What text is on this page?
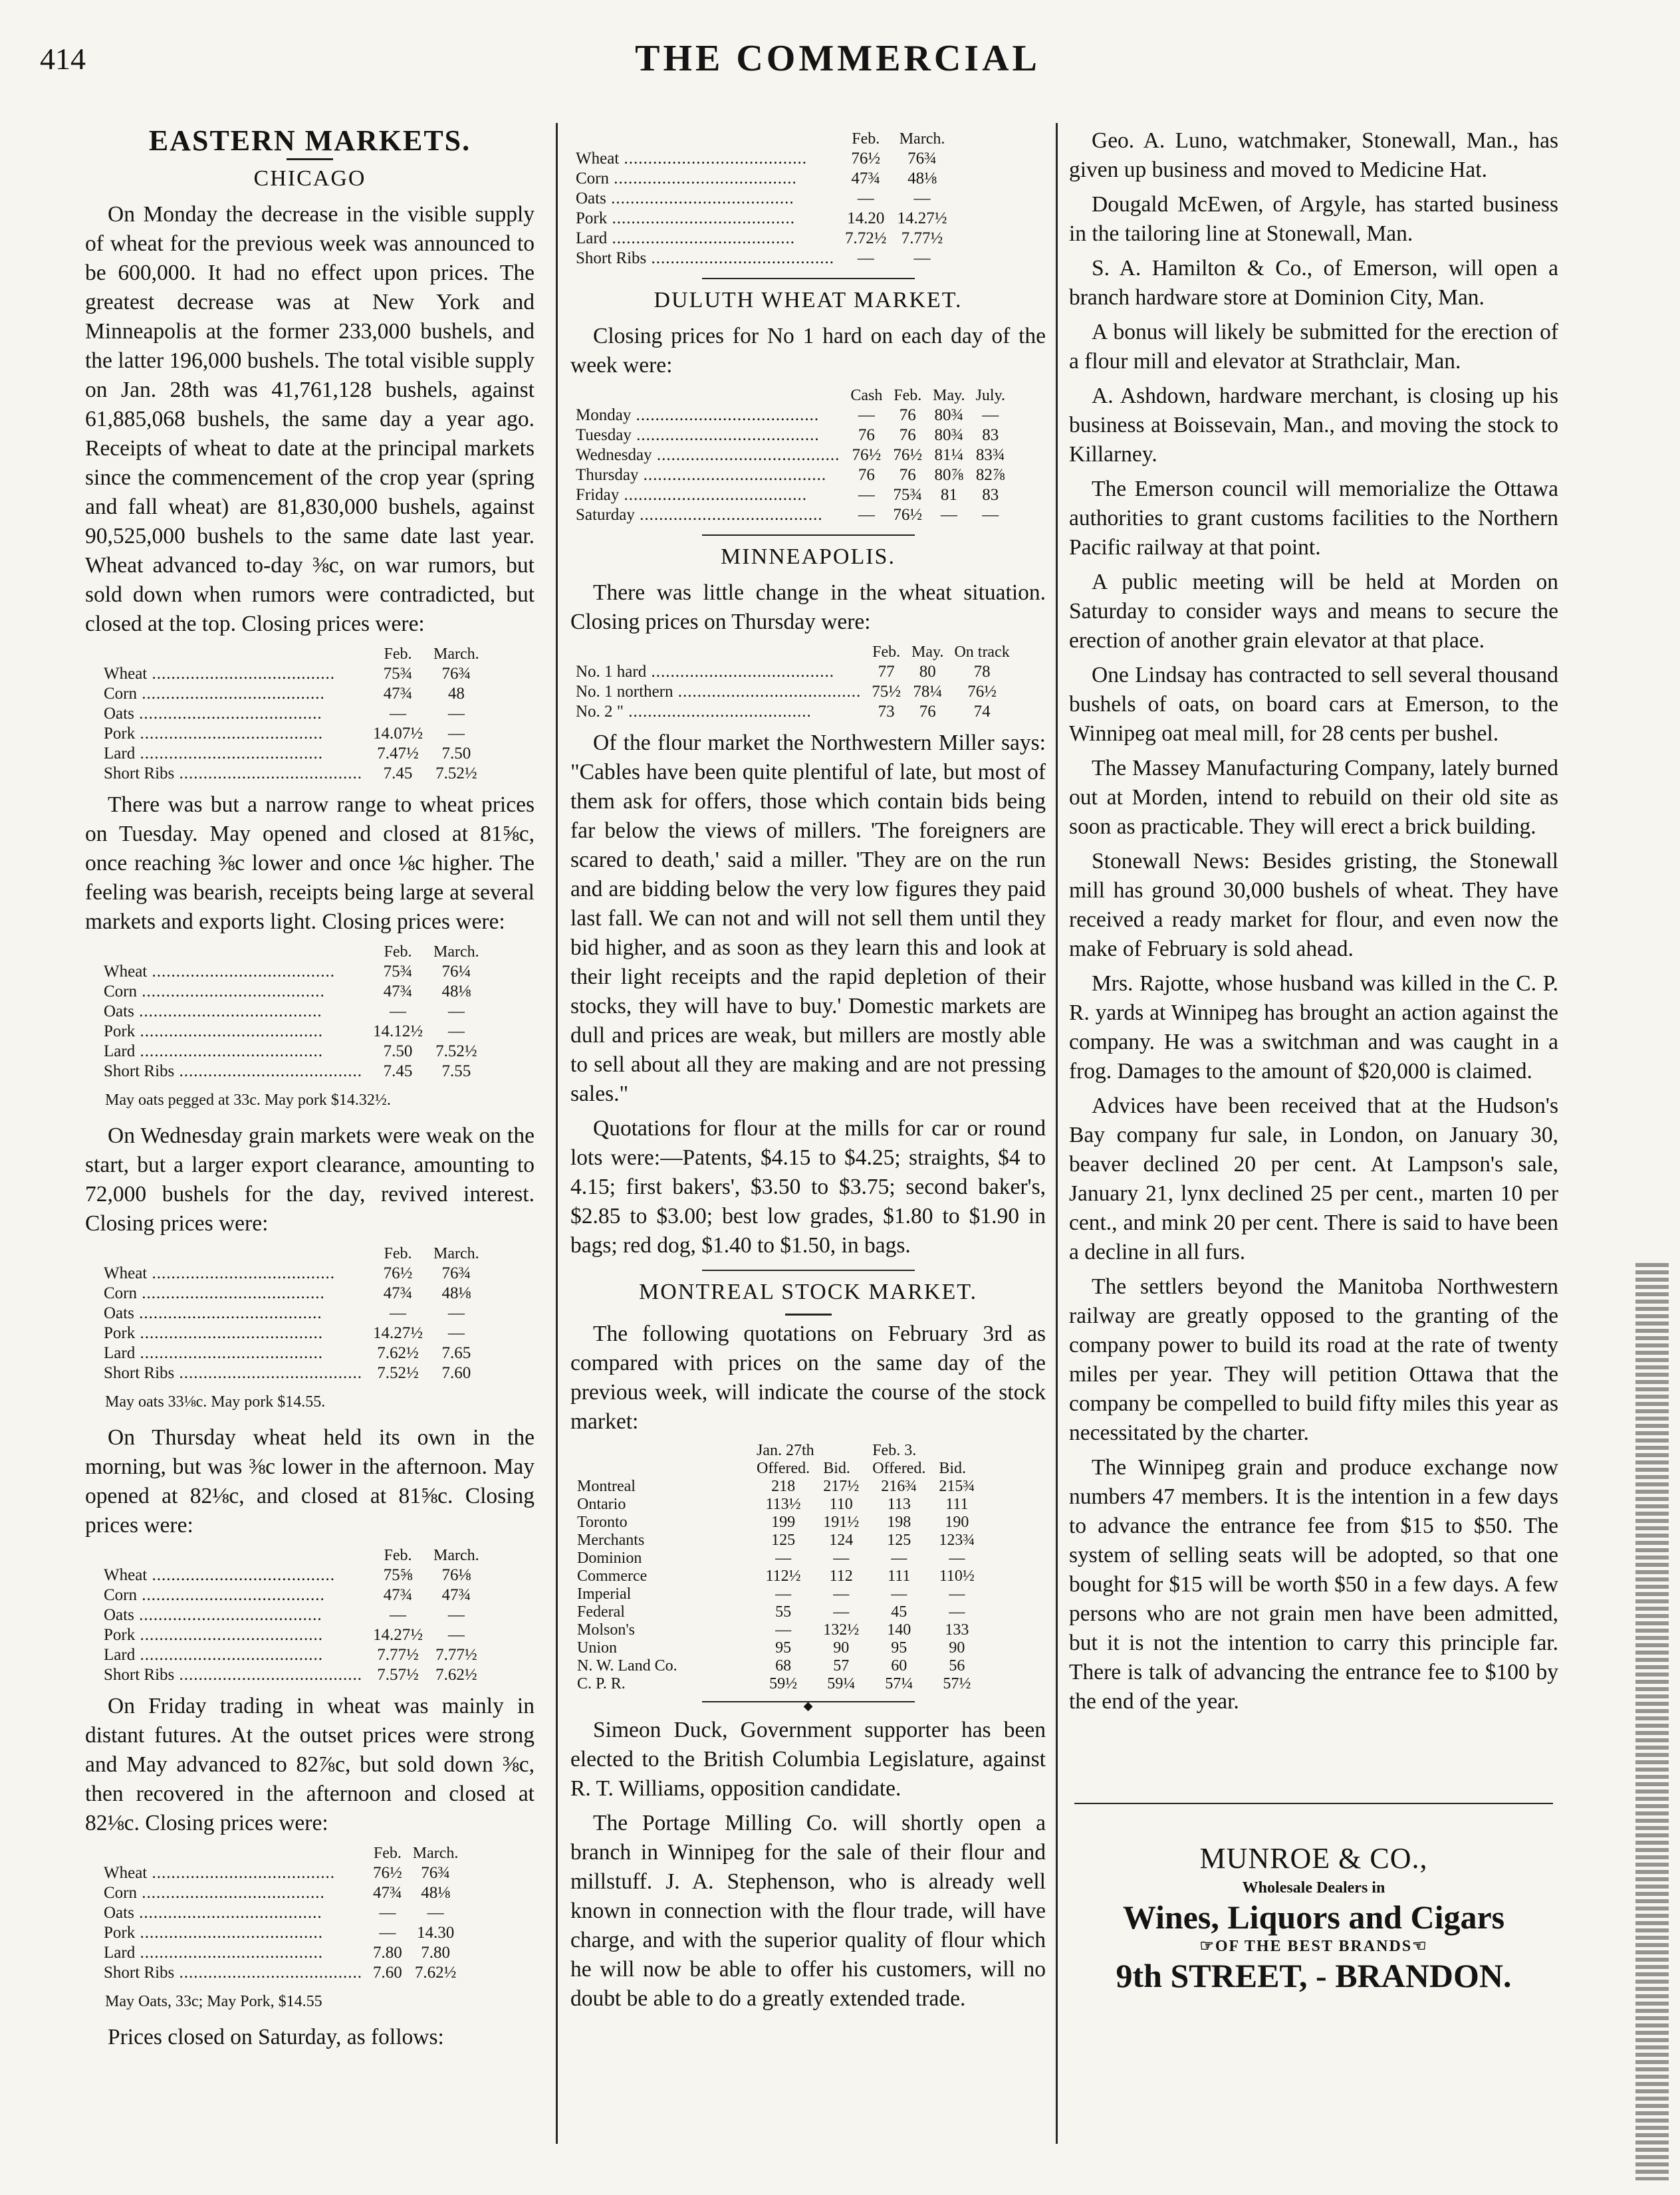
414	THE COMMERCIAL
EASTERN MARKETS.
CHICAGO

On Monday the decrease in the visible supply of wheat for the previous week was announced to be 600,000. It had no effect upon prices. The greatest decrease was at New York and Minneapolis at the former 233,000 bushels, and the latter 196,000 bushels. The total visible supply on Jan. 28th was 41,761,128 bushels, against 61,885,068 bushels, the same day a year ago. Receipts of wheat to date at the principal markets since the commencement of the crop year (spring and fall wheat) are 81,830,000 bushels, against 90,525,000 bushels to the same date last year. Wheat advanced to-day ⅜c, on war rumors, but sold down when rumors were contradicted, but closed at the top. Closing prices were:

	Feb.	March.
Wheat .....	75¾	76¾
Corn .....	47¾	48
Oats .....	—	—
Pork .....	14.07½	—
Lard .....	7.47½	7.50
Short Ribs .....	7.45	7.52½

There was but a narrow range to wheat prices on Tuesday. May opened and closed at 81⅝c, once reaching ⅜c lower and once ⅛c higher. The feeling was bearish, receipts being large at several markets and exports light. Closing prices were:

	Feb.	March.
Wheat .....	75¾	76¼
Corn .....	47¾	48⅛
Oats .....	—	—
Pork .....	14.12½	—
Lard .....	7.50	7.52½
Short Ribs .....	7.45	7.55

May oats pegged at 33c. May pork $14.32½.

On Wednesday grain markets were weak on the start, but a larger export clearance, amounting to 72,000 bushels for the day, revived interest. Closing prices were:

	Feb.	March.
Wheat .....	76½	76¾
Corn .....	47¾	48⅛
Oats .....	—	—
Pork .....	14.27½	—
Lard .....	7.62½	7.65
Short Ribs .....	7.52½	7.60

May oats 33⅛c. May pork $14.55.

On Thursday wheat held its own in the morning, but was ⅜c lower in the afternoon. May opened at 82⅛c, and closed at 81⅝c. Closing prices were:

	Feb.	March.
Wheat .....	75⅝	76⅛
Corn .....	47¾	47¾
Oats .....	—	—
Pork .....	14.27½	—
Lard .....	7.77½	7.77½
Short Ribs .....	7.57½	7.62½

On Friday trading in wheat was mainly in distant futures. At the outset prices were strong and May advanced to 82⅞c, but sold down ⅜c, then recovered in the afternoon and closed at 82⅛c. Closing prices were:

	Feb.	March.
Wheat .....	76½	76¾
Corn .....	47¾	48⅛
Oats .....	—	—
Pork .....	—	14.30
Lard .....	7.80	7.80
Short Ribs .....	7.60	7.62½

May Oats, 33c; May Pork, $14.55

Prices closed on Saturday, as follows:

	Feb.	March.
Wheat .....	76½	76¾
Corn .....	47¾	48⅛
Oats .....	—	—
Pork .....	14.20	14.27½
Lard .....	7.72½	7.77½
Short Ribs .....	—	—
DULUTH WHEAT MARKET.

Closing prices for No 1 hard on each day of the week were:

	Cash	Feb.	May.	July.
Monday .....	—	76	80¾	—
Tuesday .....	76	76	80¾	83
Wednesday .....	76½	76½	81¼	83¾
Thursday .....	76	76	80⅞	82⅞
Friday .....	—	75¾	81	83
Saturday .....	—	76½	—	—
MINNEAPOLIS.

There was little change in the wheat situation. Closing prices on Thursday were:

	Feb.	May.	On track
No. 1 hard .....	77	80	78
No. 1 northern .....	75½	78¼	76½
No. 2 " .....	73	76	74

Of the flour market the Northwestern Miller says: "Cables have been quite plentiful of late, but most of them ask for offers, those which contain bids being far below the views of millers. 'The foreigners are scared to death,' said a miller. 'They are on the run and are bidding below the very low figures they paid last fall. We can not and will not sell them until they bid higher, and as soon as they learn this and look at their light receipts and the rapid depletion of their stocks, they will have to buy.' Domestic markets are dull and prices are weak, but millers are mostly able to sell about all they are making and are not pressing sales."

Quotations for flour at the mills for car or round lots were:—Patents, $4.15 to $4.25; straights, $4 to 4.15; first bakers', $3.50 to $3.75; second baker's, $2.85 to $3.00; best low grades, $1.80 to $1.90 in bags; red dog, $1.40 to $1.50, in bags.

MONTREAL STOCK MARKET.

The following quotations on February 3rd as compared with prices on the same day of the previous week, will indicate the course of the stock market:

	Jan. 27th		Feb. 3.	
	Offered.	Bid.	Offered.	Bid.
Montreal	218	217½	216¾	215¾
Ontario	113½	110	113	111
Toronto	199	191½	198	190
Merchants	125	124	125	123¾
Dominion	—	—	—	—
Commerce	112½	112	111	110½
Imperial	—	—	—	—
Federal	55	—	45	—
Molson's	—	132½	140	133
Union	95	90	95	90
N. W. Land Co.	68	57	60	56
C. P. R.	59½	59¼	57¼	57½
◆

Simeon Duck, Government supporter has been elected to the British Columbia Legislature, against R. T. Williams, opposition candidate.

The Portage Milling Co. will shortly open a branch in Winnipeg for the sale of their flour and millstuff. J. A. Stephenson, who is already well known in connection with the flour trade, will have charge, and with the superior quality of flour which he will now be able to offer his customers, will no doubt be able to do a greatly extended trade.

Geo. A. Luno, watchmaker, Stonewall, Man., has given up business and moved to Medicine Hat.

Dougald McEwen, of Argyle, has started business in the tailoring line at Stonewall, Man.

S. A. Hamilton & Co., of Emerson, will open a branch hardware store at Dominion City, Man.

A bonus will likely be submitted for the erection of a flour mill and elevator at Strathclair, Man.

A. Ashdown, hardware merchant, is closing up his business at Boissevain, Man., and moving the stock to Killarney.

The Emerson council will memorialize the Ottawa authorities to grant customs facilities to the Northern Pacific railway at that point.

A public meeting will be held at Morden on Saturday to consider ways and means to secure the erection of another grain elevator at that place.

One Lindsay has contracted to sell several thousand bushels of oats, on board cars at Emerson, to the Winnipeg oat meal mill, for 28 cents per bushel.

The Massey Manufacturing Company, lately burned out at Morden, intend to rebuild on their old site as soon as practicable. They will erect a brick building.

Stonewall News: Besides gristing, the Stonewall mill has ground 30,000 bushels of wheat. They have received a ready market for flour, and even now the make of February is sold ahead.

Mrs. Rajotte, whose husband was killed in the C. P. R. yards at Winnipeg has brought an action against the company. He was a switchman and was caught in a frog. Damages to the amount of $20,000 is claimed.

Advices have been received that at the Hudson's Bay company fur sale, in London, on January 30, beaver declined 20 per cent. At Lampson's sale, January 21, lynx declined 25 per cent., marten 10 per cent., and mink 20 per cent. There is said to have been a decline in all furs.

The settlers beyond the Manitoba Northwestern railway are greatly opposed to the granting of the company power to build its road at the rate of twenty miles per year. They will petition Ottawa that the company be compelled to build fifty miles this year as necessitated by the charter.

The Winnipeg grain and produce exchange now numbers 47 members. It is the intention in a few days to advance the entrance fee from $15 to $50. The system of selling seats will be adopted, so that one bought for $15 will be worth $50 in a few days. A few persons who are not grain men have been admitted, but it is not the intention to carry this principle far. There is talk of advancing the entrance fee to $100 by the end of the year.

MUNROE & CO.,
Wholesale Dealers in
Wines, Liquors and Cigars
☞OF THE BEST BRANDS☜
9th STREET, - BRANDON.
